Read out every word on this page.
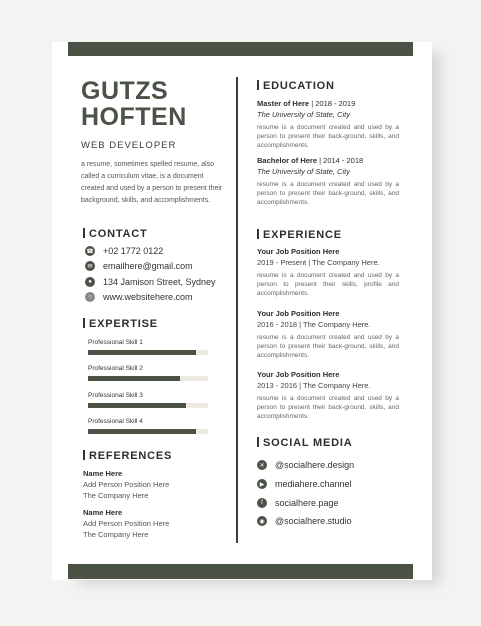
GUTZS
HOFTEN
WEB DEVELOPER
a resume, sometimes spelled resume, also called a curriculum vitae, is a document created and used by a person to present their background, skills, and accomplishments.
CONTACT
☎ +02 1772 0122
✉ emailhere@gmail.com
●	134 Jamison Street, Sydney
○	www.websitehere.com
EXPERTISE
Professional Skill 1
Professional Skill 2
Professional Skill 3
Professional Skill 4
REFERENCES
Name Here
Add Person Position Here
The Company Here
Name Here
Add Person Position Here
The Company Here
EDUCATION
Master of Here | 2018 - 2019
The University of State, City
resume is a document created and used by a person to present their back-ground, skills, and accomplishments.
Bachelor of Here | 2014 - 2018
The University of State, City
resume is a document created and used by a person to present their back-ground, skills, and accomplishments.
EXPERIENCE
Your Job Position Here
2019 - Present | The Company Here.
resume is a document created and used by a person to present their skills, profile and accomplishments.
Your Job Position Here
2016 - 2018 | The Company Here.
resume is a document created and used by a person to present their back-ground, skills, and accomplishments.
Your Job Position Here
2013 - 2016 | The Company Here.
resume is a document created and used by a person to present their back-ground, skills, and accomplishments.
SOCIAL MEDIA
✕ @socialhere.design
▶ mediahere.channel
f	socialhere.page
◉ @socialhere.studio
